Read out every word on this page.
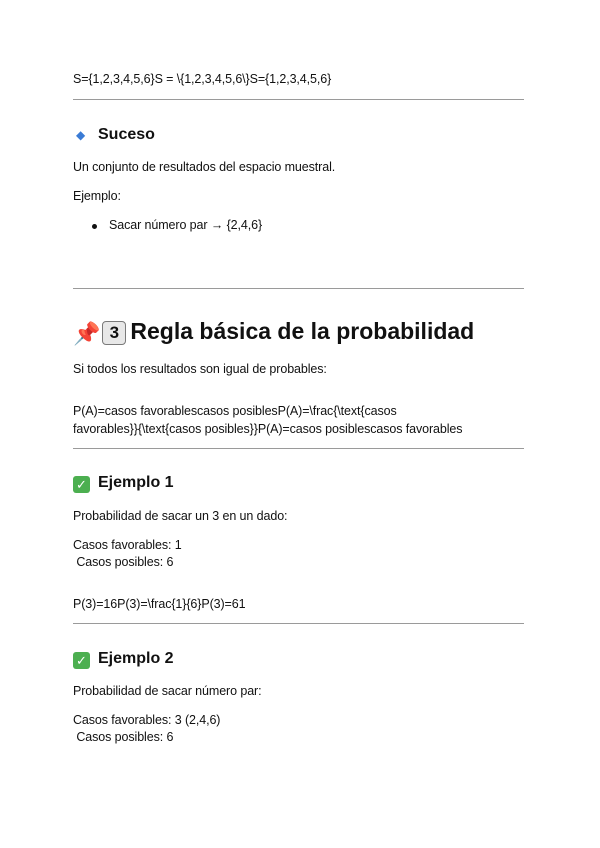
S={1,2,3,4,5,6}S = \{1,2,3,4,5,6\}S={1,2,3,4,5,6}
◆ Suceso
Un conjunto de resultados del espacio muestral.
Ejemplo:
Sacar número par → {2,4,6}
📌 3 Regla básica de la probabilidad
Si todos los resultados son igual de probables:
P(A)=casos favorablescasos posiblesP(A)=\frac{\text{casos
favorables}}{\text{casos posibles}}P(A)=casos posiblescasos favorables
✓ Ejemplo 1
Probabilidad de sacar un 3 en un dado:
Casos favorables: 1
Casos posibles: 6
P(3)=16P(3)=\frac{1}{6}P(3)=61
✓ Ejemplo 2
Probabilidad de sacar número par:
Casos favorables: 3 (2,4,6)
Casos posibles: 6
